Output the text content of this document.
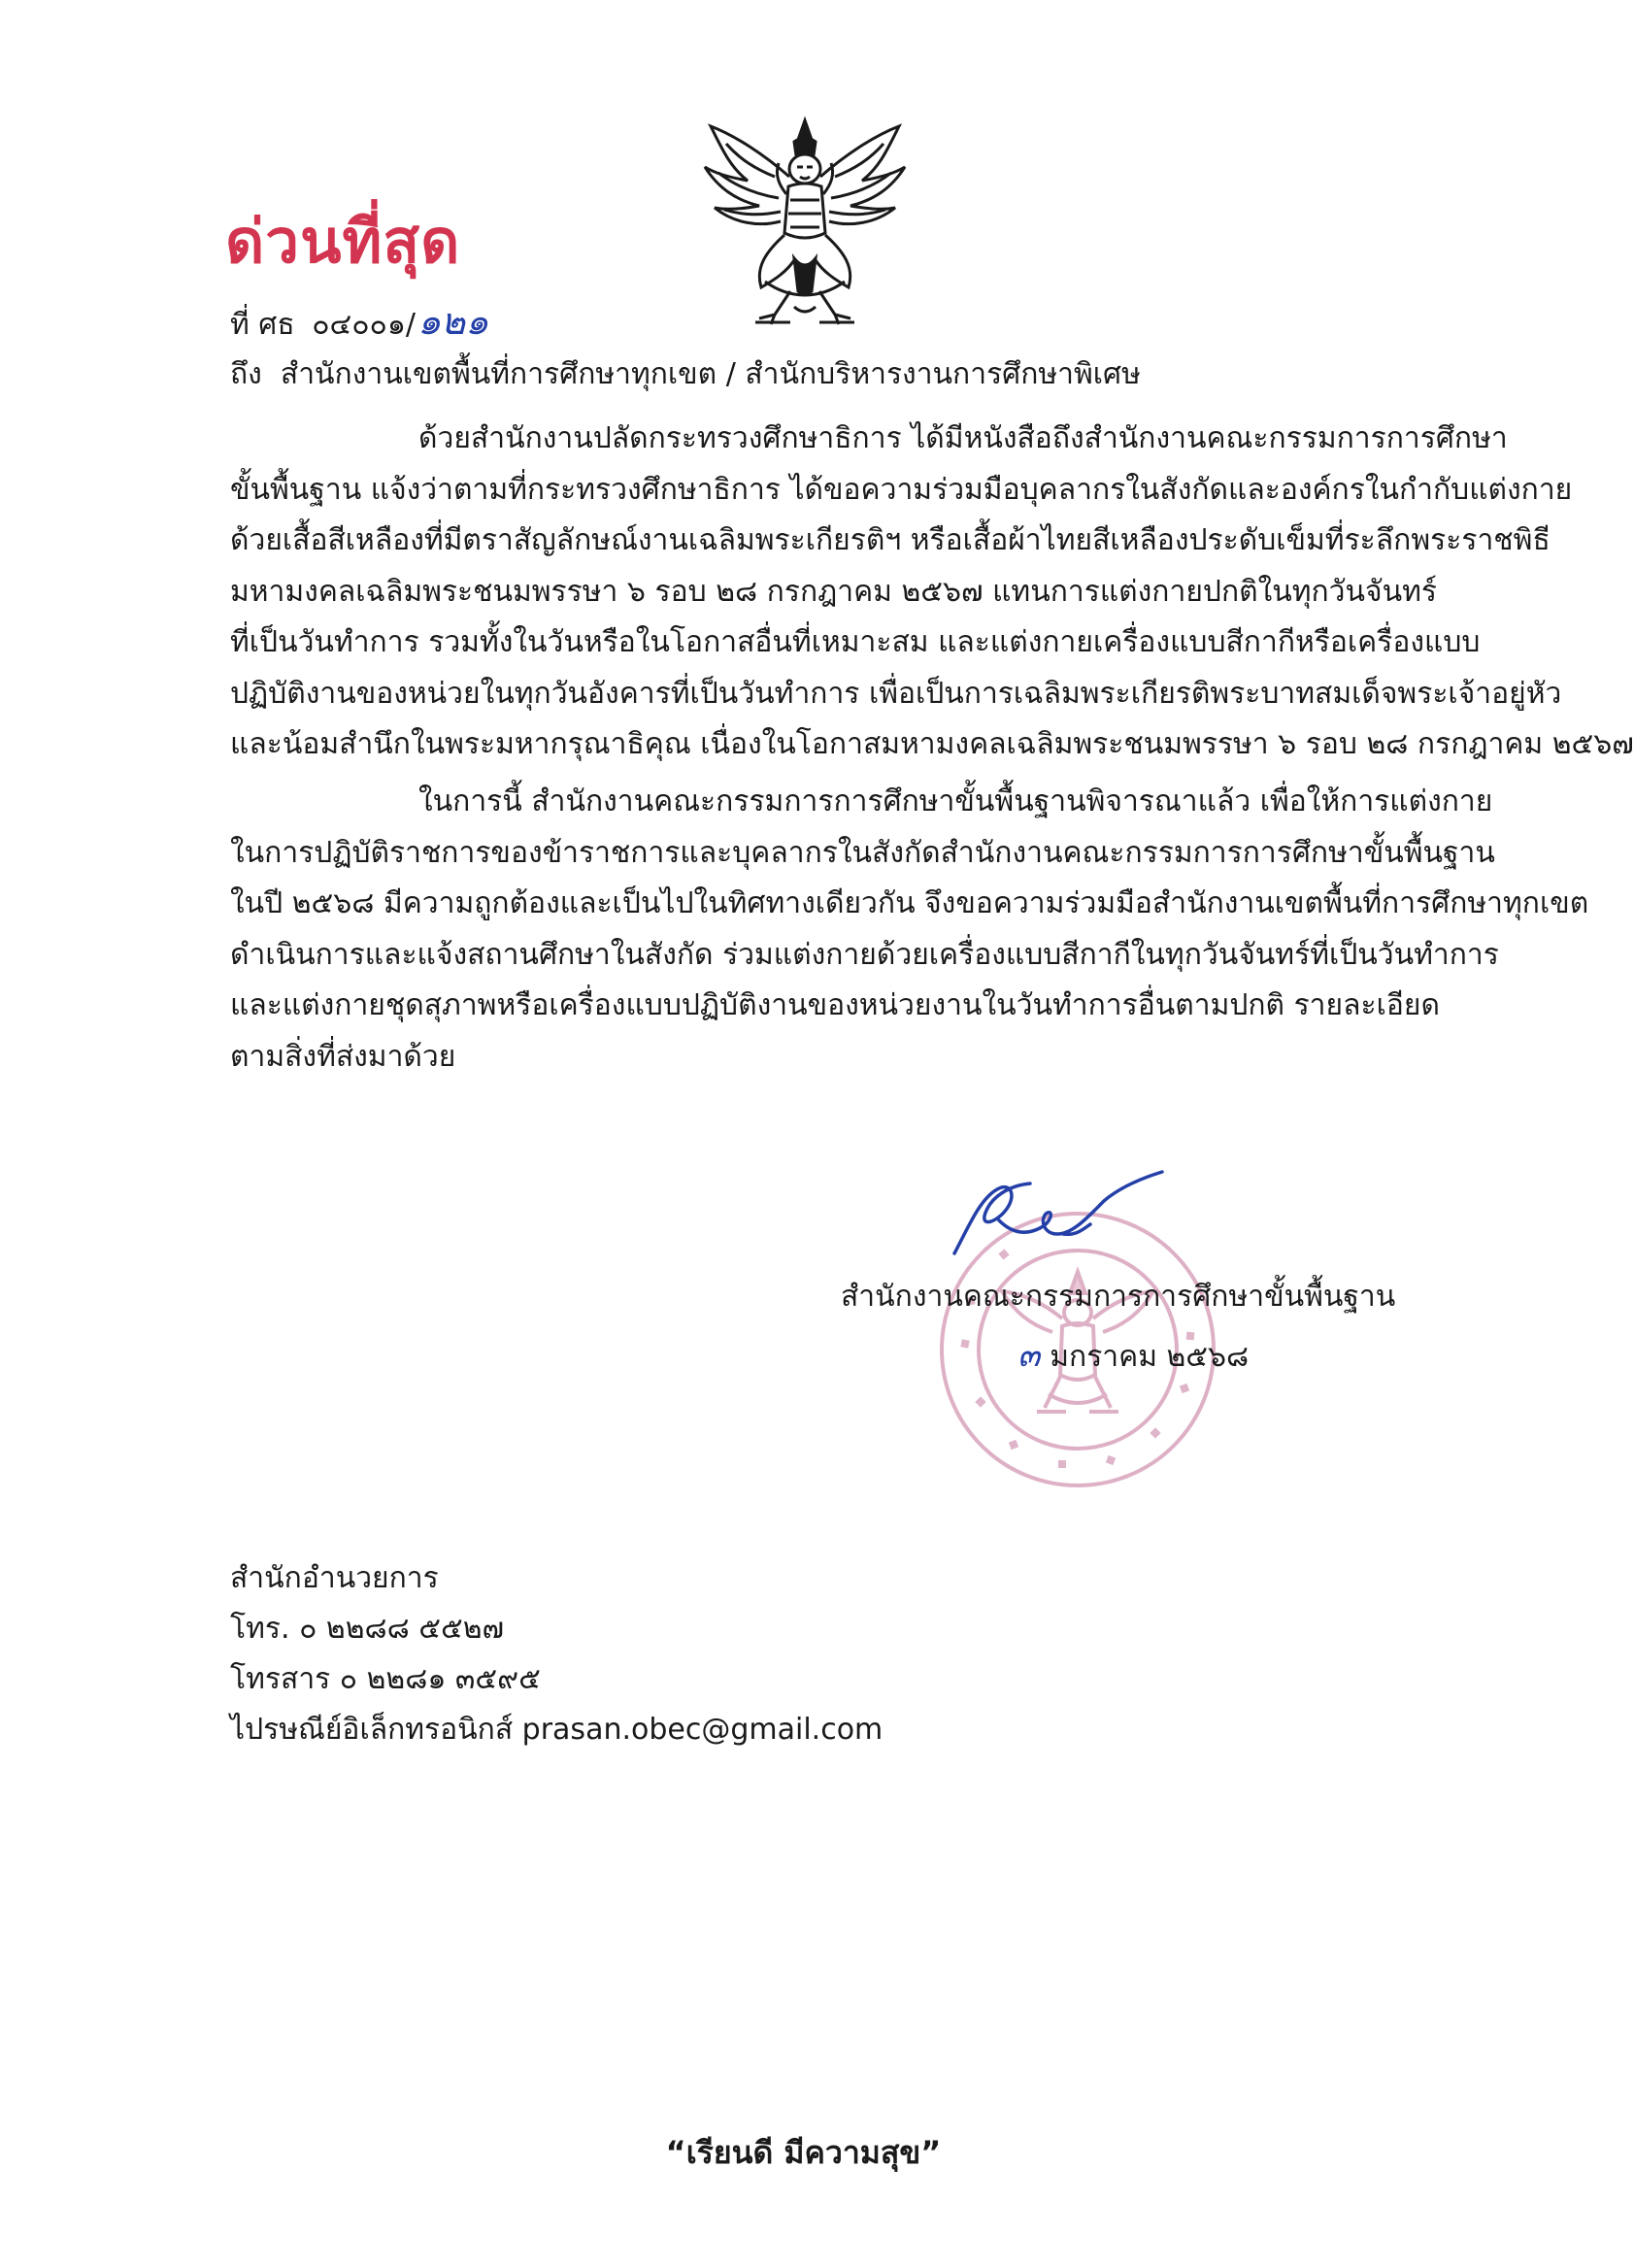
ด่วนที่สุด
ที่ ศธ ๐๔๐๐๑/๑๒๑
ถึง สำนักงานเขตพื้นที่การศึกษาทุกเขต / สำนักบริหารงานการศึกษาพิเศษ
ด้วยสำนักงานปลัดกระทรวงศึกษาธิการ ได้มีหนังสือถึงสำนักงานคณะกรรมการการศึกษา
ขั้นพื้นฐาน แจ้งว่าตามที่กระทรวงศึกษาธิการ ได้ขอความร่วมมือบุคลากรในสังกัดและองค์กรในกำกับแต่งกาย
ด้วยเสื้อสีเหลืองที่มีตราสัญลักษณ์งานเฉลิมพระเกียรติฯ หรือเสื้อผ้าไทยสีเหลืองประดับเข็มที่ระลึกพระราชพิธี
มหามงคลเฉลิมพระชนมพรรษา ๖ รอบ ๒๘ กรกฎาคม ๒๕๖๗ แทนการแต่งกายปกติในทุกวันจันทร์
ที่เป็นวันทำการ รวมทั้งในวันหรือในโอกาสอื่นที่เหมาะสม และแต่งกายเครื่องแบบสีกากีหรือเครื่องแบบ
ปฏิบัติงานของหน่วยในทุกวันอังคารที่เป็นวันทำการ เพื่อเป็นการเฉลิมพระเกียรติพระบาทสมเด็จพระเจ้าอยู่หัว
และน้อมสำนึกในพระมหากรุณาธิคุณ เนื่องในโอกาสมหามงคลเฉลิมพระชนมพรรษา ๖ รอบ ๒๘ กรกฎาคม ๒๕๖๗
ในการนี้ สำนักงานคณะกรรมการการศึกษาขั้นพื้นฐานพิจารณาแล้ว เพื่อให้การแต่งกาย
ในการปฏิบัติราชการของข้าราชการและบุคลากรในสังกัดสำนักงานคณะกรรมการการศึกษาขั้นพื้นฐาน
ในปี ๒๕๖๘ มีความถูกต้องและเป็นไปในทิศทางเดียวกัน จึงขอความร่วมมือสำนักงานเขตพื้นที่การศึกษาทุกเขต
ดำเนินการและแจ้งสถานศึกษาในสังกัด ร่วมแต่งกายด้วยเครื่องแบบสีกากีในทุกวันจันทร์ที่เป็นวันทำการ
และแต่งกายชุดสุภาพหรือเครื่องแบบปฏิบัติงานของหน่วยงานในวันทำการอื่นตามปกติ รายละเอียด
ตามสิ่งที่ส่งมาด้วย
สำนักงานคณะกรรมการการศึกษาขั้นพื้นฐาน
๓ มกราคม ๒๕๖๘
สำนักอำนวยการ
โทร. ๐ ๒๒๘๘ ๕๕๒๗
โทรสาร ๐ ๒๒๘๑ ๓๕๙๕
ไปรษณีย์อิเล็กทรอนิกส์ prasan.obec@gmail.com
“เรียนดี มีความสุข”
